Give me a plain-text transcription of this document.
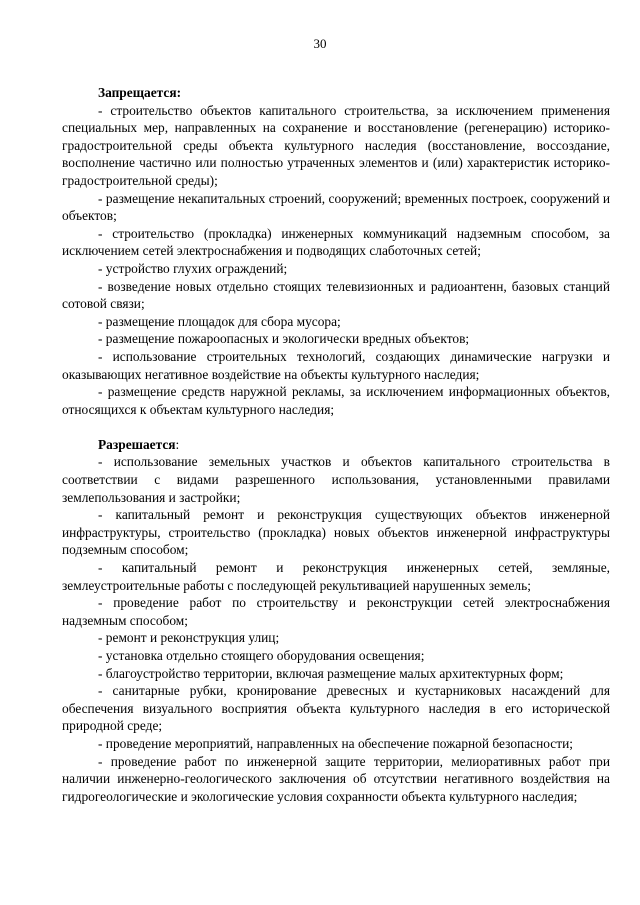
30

Запрещается:

- строительство объектов капитального строительства, за исключением применения специальных мер, направленных на сохранение и восстановление (регенерацию) историко-градостроительной среды объекта культурного наследия (восстановление, воссоздание, восполнение частично или полностью утраченных элементов и (или) характеристик историко-градостроительной среды);

- размещение некапитальных строений, сооружений; временных построек, сооружений и объектов;

- строительство (прокладка) инженерных коммуникаций надземным способом, за исключением сетей электроснабжения и подводящих слаботочных сетей;

- устройство глухих ограждений;

- возведение новых отдельно стоящих телевизионных и радиоантенн, базовых станций сотовой связи;

- размещение площадок для сбора мусора;

- размещение пожароопасных и экологически вредных объектов;

- использование строительных технологий, создающих динамические нагрузки и оказывающих негативное воздействие на объекты культурного наследия;

- размещение средств наружной рекламы, за исключением информационных объектов, относящихся к объектам культурного наследия;

Разрешается:

- использование земельных участков и объектов капитального строительства в соответствии с видами разрешенного использования, установленными правилами землепользования и застройки;

- капитальный ремонт и реконструкция существующих объектов инженерной инфраструктуры, строительство (прокладка) новых объектов инженерной инфраструктуры подземным способом;

- капитальный ремонт и реконструкция инженерных сетей, земляные, землеустроительные работы с последующей рекультивацией нарушенных земель;

- проведение работ по строительству и реконструкции сетей электроснабжения надземным способом;

- ремонт и реконструкция улиц;

- установка отдельно стоящего оборудования освещения;

- благоустройство территории, включая размещение малых архитектурных форм;

- санитарные рубки, кронирование древесных и кустарниковых насаждений для обеспечения визуального восприятия объекта культурного наследия в его исторической природной среде;

- проведение мероприятий, направленных на обеспечение пожарной безопасности;

- проведение работ по инженерной защите территории, мелиоративных работ при наличии инженерно-геологического заключения об отсутствии негативного воздействия на гидрогеологические и экологические условия сохранности объекта культурного наследия;
